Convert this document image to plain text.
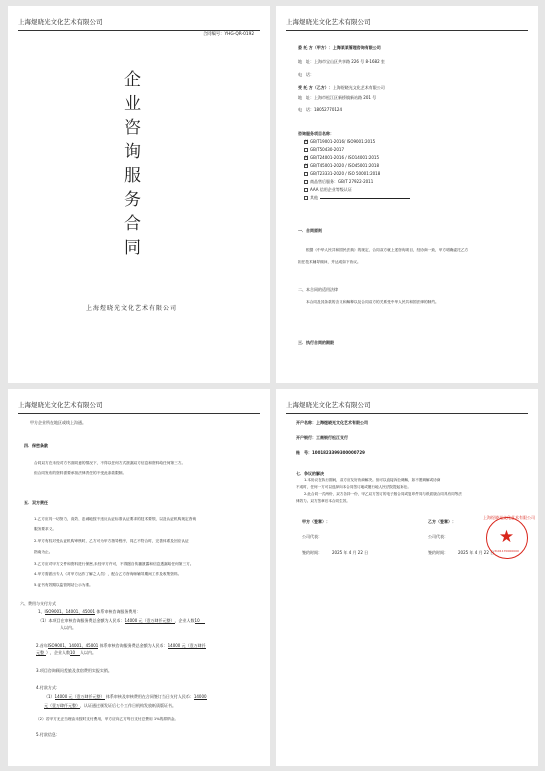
上海煜晓光文化艺术有限公司
合同编号：YHG-QR-0192
企
业
咨
询
服
务
合
同
上海煜晓光文化艺术有限公司
上海煜晓光文化艺术有限公司
委 托 方（甲方）：上海某某管理咨询有限公司
地　址：上海市宝山区共享路 226 号 8-1682 室
电　话：
受 托 方（乙方）：上海煜晓光文化艺术有限公司
地　址：上海市松江区新桥镇新站路 201 号
电　话：18052770124
咨询服务项目名称：
×GB/T19001-2016/ ISO9001:2015
GB/T50430-2017
×GB/T24001-2016 / ISO14001:2015
×GB/T45001-2020 / ISO45001:2018
GB/T23331-2020 / ISO 50001:2018
商品售后服务：GB/T 27922-2011
AAA 信用企业等级认证
其他
一．合同原则
根据《中华人民共和国民法典》的规定，合同双方就上述咨询项目，经协商一致，甲方明确委托乙方
担任技术辅导顾问，并达成如下协议。
二、本合同的适用法律
本合同及其条款的含义和解释以及合同双方的关系受中华人民共和国法律的制约。
三．执行合同的期限
上海煜晓光文化艺术有限公司
甲方企业所在地区或线上沟通。
四．保密条款
合同双方在未经对方书面同意的情况下，不得以任何方式泄漏双方信息和资料给任何第三方。
但合同发布的资料需要承担法律责任的不受此条款限制。
五．双方责任
1.乙方应具一切努力，高效、忠诚地按不违反认证标准认证要求的技术要领，以及认证机构规定咨询
服务要求义。
2.甲方有权对受认证机构审核时，乙方可为甲方指导程序，同乙不符合时，完善体系及回应认证
指南为止。
3.乙方应对甲方文件和资料进行保密,未经甲方许可，不得擅自传播泄露和信息透漏给任何第三方。
4.甲方需派出专人（对甲方运作了解之人员），配合乙方咨询师辅导期间工作及收集资料。
5.证书有效期以监管网站公示为准。
六、费用与支付方式
1、ISO9001、14001、45001 体系审核咨询服务费用：
（1）本项目在审核咨询服务费总金额为人民币：14000 元（壹万肆仟元整），企业人数10
人以内。
2.首年ISO9001、14001、45001 体系审核咨询服务费总金额为人民币：14000 元（壹万肆仟
元整 ），企业人数10 人以内。
3.项目咨询顾问差旅及食宿费用实报实销。
4.付款方式：
（1）14000 元（壹万肆仟元整） 体系审核及审核费用在合同签订当日支付人民币：14000
元（壹万肆仟元整），认证通过颁发证后七个工作日机构发放纸质版证书。
（2）若甲方无正当理由未按时支付费用，甲方应向乙方每日支付总费用 1%的滞纳金。
5.付款信息：
上海煜晓光文化艺术有限公司
开户名称：上海煜晓光文化艺术有限公司
开户银行：工商银行松江支行
账　号：1001823399300000729
七．争议的解决
1.本协议在执行期间，双方应友好协商解决。但可以直接诉讼调解，如不愿调解或协商
不成时，任何一方可以选择向本合同签订地或履行地人民法院提起诉讼。
2.此合同一式两份，双方各持一份，甲乙双方签订的电子版合同或复印件同与纸质版合同具有同等法
律效力。双方签章后本合同生效。
甲方（签章）：	乙方（签章）：
公司代表：	公司代表：
签约时间：	2025 年 4 月 22 日	签约时间：	2025 年 4 月 22 日
上海煜晓光文化艺术有限公司
★
3101170000000
